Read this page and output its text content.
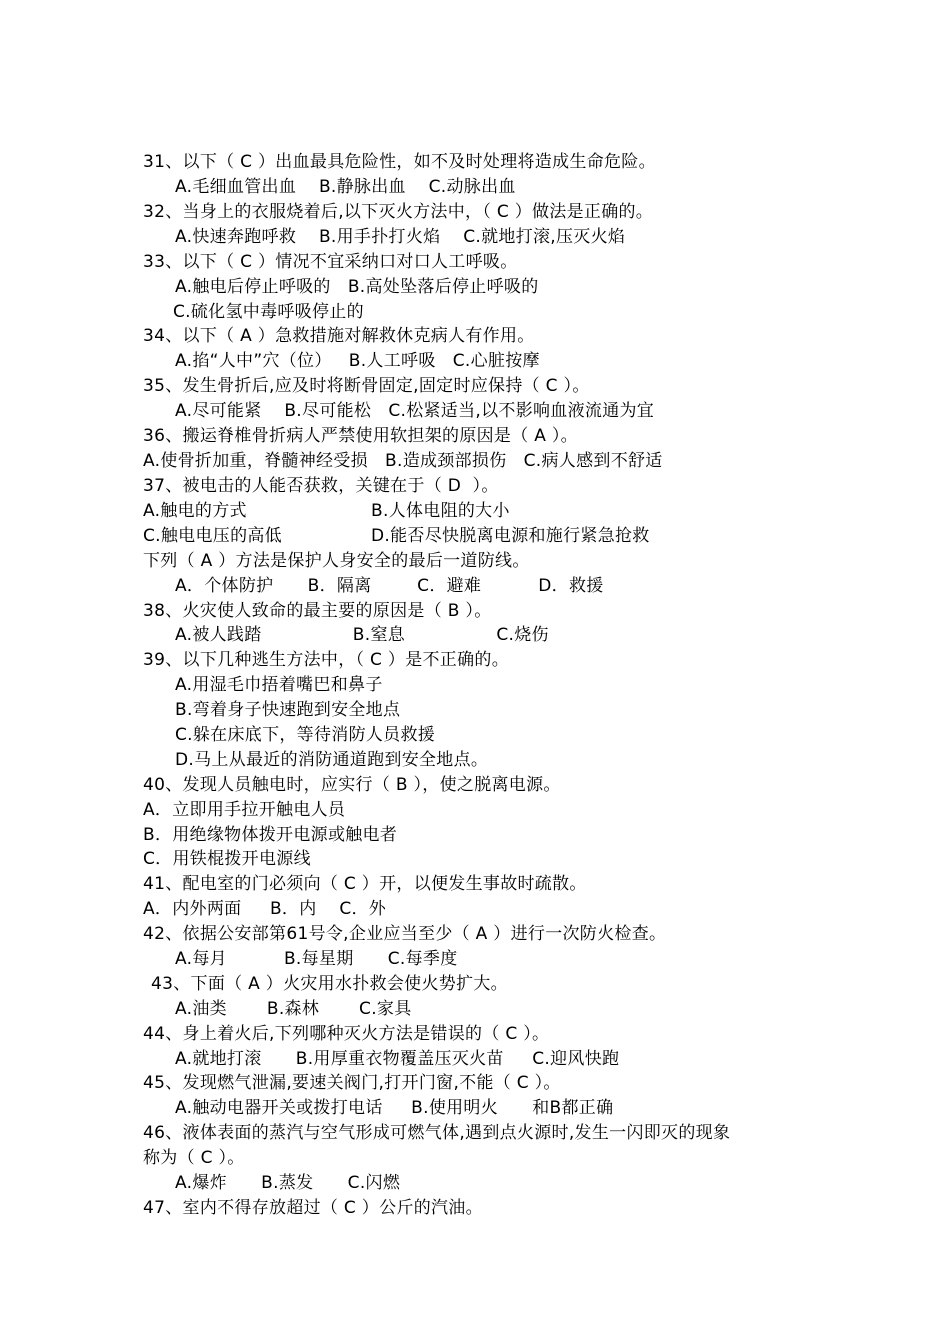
31、以下（ C ）出血最具危险性，如不及时处理将造成生命危险。
A.毛细血管出血    B.静脉出血    C.动脉出血
32、当身上的衣服烧着后,以下灭火方法中，（ C ）做法是正确的。
A.快速奔跑呼救    B.用手扑打火焰    C.就地打滚,压灭火焰
33、以下（ C ）情况不宜采纳口对口人工呼吸。
A.触电后停止呼吸的   B.高处坠落后停止呼吸的
C.硫化氢中毒呼吸停止的
34、以下（ A ）急救措施对解救休克病人有作用。
A.掐“人中”穴（位）   B.人工呼吸   C.心脏按摩
35、发生骨折后,应及时将断骨固定,固定时应保持（ C ）。
A.尽可能紧    B.尽可能松   C.松紧适当,以不影响血液流通为宜
36、搬运脊椎骨折病人严禁使用软担架的原因是（ A ）。
A.使骨折加重，脊髓神经受损   B.造成颈部损伤   C.病人感到不舒适
37、被电击的人能否获救，关键在于（ D  ）。
A.触电的方式	B.人体电阻的大小
C.触电电压的高低	D.能否尽快脱离电源和施行紧急抢救
下列（ A ）方法是保护人身安全的最后一道防线。
A．个体防护      B．隔离        C．避难          D．救援
38、火灾使人致命的最主要的原因是（ B ）。
A.被人践踏                B.窒息                C.烧伤
39、以下几种逃生方法中，（ C ）是不正确的。
A.用湿毛巾捂着嘴巴和鼻子
B.弯着身子快速跑到安全地点
C.躲在床底下，等待消防人员救援
D.马上从最近的消防通道跑到安全地点。
40、发现人员触电时，应实行（ B ），使之脱离电源。
A．立即用手拉开触电人员
B．用绝缘物体拨开电源或触电者
C．用铁棍拨开电源线
41、配电室的门必须向（ C ）开，以便发生事故时疏散。
A．内外两面     B．内    C．外
42、依据公安部第61号令,企业应当至少（ A ）进行一次防火检查。
A.每月          B.每星期      C.每季度
43、下面（ A ）火灾用水扑救会使火势扩大。
A.油类       B.森林       C.家具
44、身上着火后,下列哪种灭火方法是错误的（ C ）。
A.就地打滚      B.用厚重衣物覆盖压灭火苗     C.迎风快跑
45、发现燃气泄漏,要速关阀门,打开门窗,不能（ C ）。
A.触动电器开关或拨打电话     B.使用明火      和B都正确
46、液体表面的蒸汽与空气形成可燃气体,遇到点火源时,发生一闪即灭的现象
称为（ C ）。
A.爆炸      B.蒸发      C.闪燃
47、室内不得存放超过（ C ）公斤的汽油。
